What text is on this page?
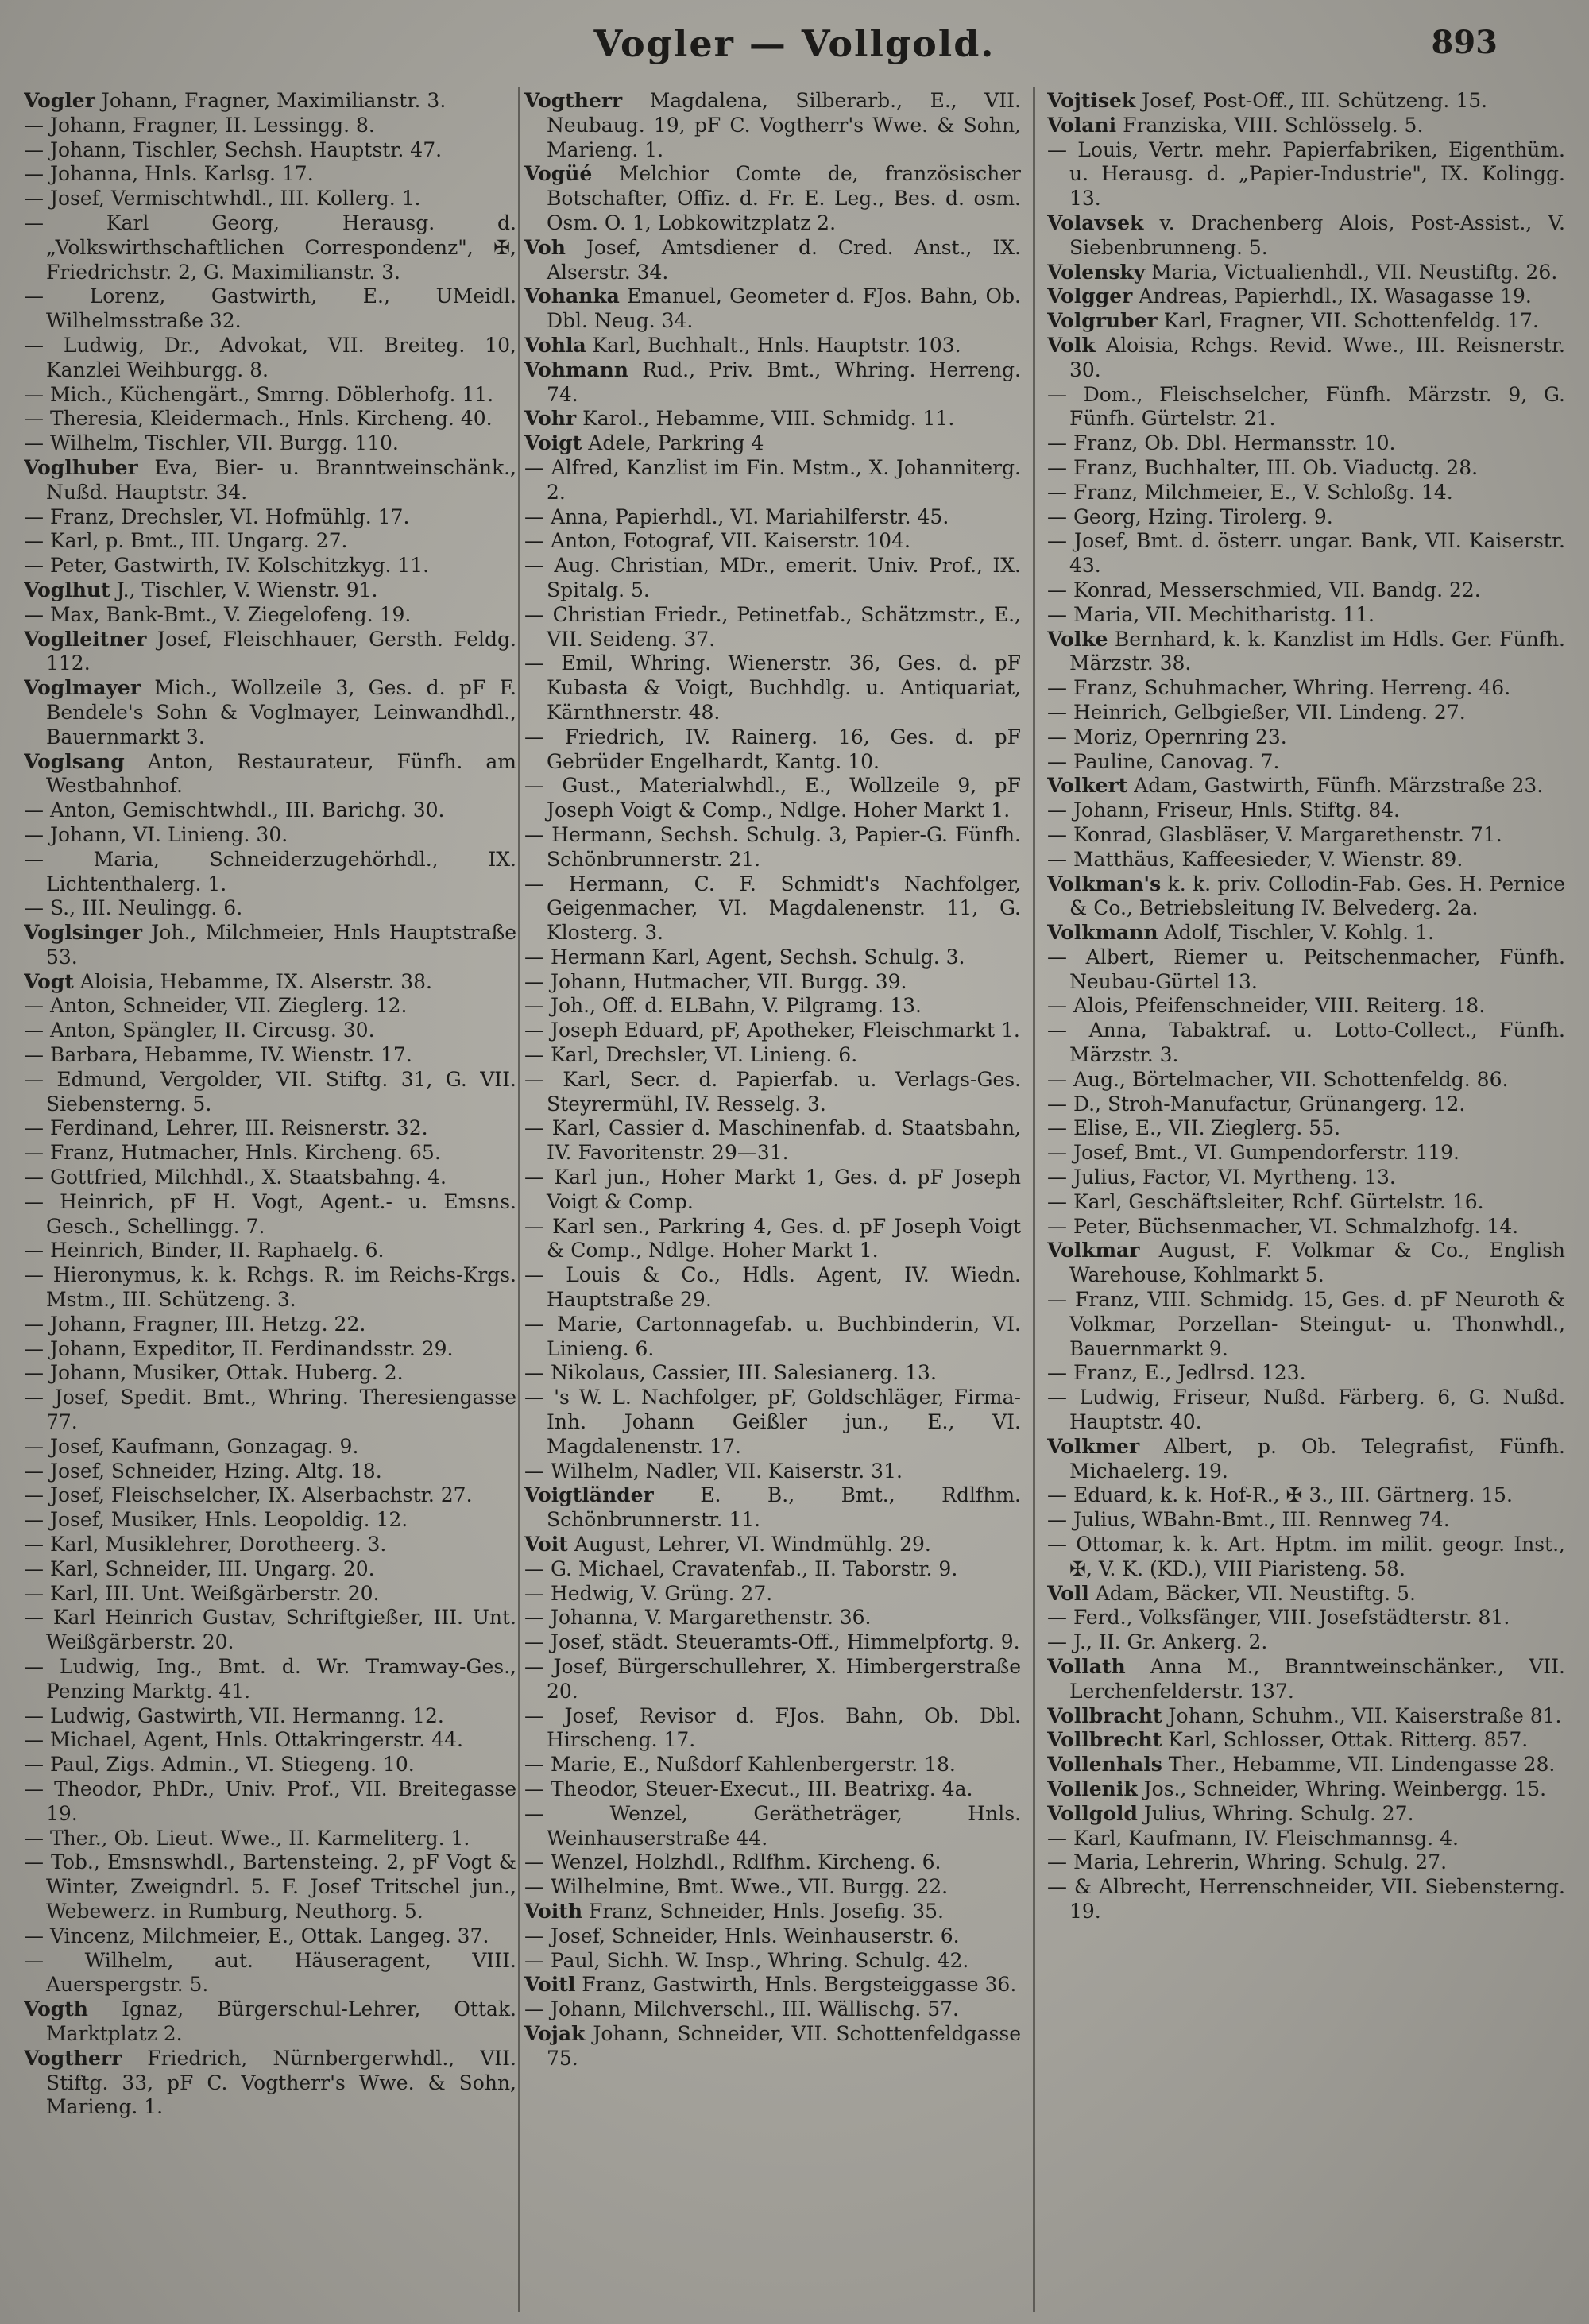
Vogler — Vollgold.	893
Vogler Johann, Fragner, Maximilianstr. 3.
— Johann, Fragner, II. Lessingg. 8.
— Johann, Tischler, Sechsh. Hauptstr. 47.
— Johanna, Hnls. Karlsg. 17.
— Josef, Vermischtwhdl., III. Kollerg. 1.
— Karl Georg, Herausg. d. „Volkswirthschaftlichen Correspondenz", ✠, Friedrichstr. 2, G. Maximilianstr. 3.
— Lorenz, Gastwirth, E., UMeidl. Wilhelmsstraße 32.
— Ludwig, Dr., Advokat, VII. Breiteg. 10, Kanzlei Weihburgg. 8.
— Mich., Küchengärt., Smrng. Döblerhofg. 11.
— Theresia, Kleidermach., Hnls. Kircheng. 40.
— Wilhelm, Tischler, VII. Burgg. 110.
Voglhuber Eva, Bier- u. Branntweinschänk., Nußd. Hauptstr. 34.
— Franz, Drechsler, VI. Hofmühlg. 17.
— Karl, p. Bmt., III. Ungarg. 27.
— Peter, Gastwirth, IV. Kolschitzkyg. 11.
Voglhut J., Tischler, V. Wienstr. 91.
— Max, Bank-Bmt., V. Ziegelofeng. 19.
Voglleitner Josef, Fleischhauer, Gersth. Feldg. 112.
Voglmayer Mich., Wollzeile 3, Ges. d. pF F. Bendele's Sohn & Voglmayer, Leinwandhdl., Bauernmarkt 3.
Voglsang Anton, Restaurateur, Fünfh. am Westbahnhof.
— Anton, Gemischtwhdl., III. Barichg. 30.
— Johann, VI. Linieng. 30.
— Maria, Schneiderzugehörhdl., IX. Lichtenthalerg. 1.
— S., III. Neulingg. 6.
Voglsinger Joh., Milchmeier, Hnls Hauptstraße 53.
Vogt Aloisia, Hebamme, IX. Alserstr. 38.
— Anton, Schneider, VII. Zieglerg. 12.
— Anton, Spängler, II. Circusg. 30.
— Barbara, Hebamme, IV. Wienstr. 17.
— Edmund, Vergolder, VII. Stiftg. 31, G. VII. Siebensterng. 5.
— Ferdinand, Lehrer, III. Reisnerstr. 32.
— Franz, Hutmacher, Hnls. Kircheng. 65.
— Gottfried, Milchhdl., X. Staatsbahng. 4.
— Heinrich, pF H. Vogt, Agent.- u. Emsns. Gesch., Schellingg. 7.
— Heinrich, Binder, II. Raphaelg. 6.
— Hieronymus, k. k. Rchgs. R. im Reichs-Krgs. Mstm., III. Schützeng. 3.
— Johann, Fragner, III. Hetzg. 22.
— Johann, Expeditor, II. Ferdinandsstr. 29.
— Johann, Musiker, Ottak. Huberg. 2.
— Josef, Spedit. Bmt., Whring. Theresiengasse 77.
— Josef, Kaufmann, Gonzagag. 9.
— Josef, Schneider, Hzing. Altg. 18.
— Josef, Fleischselcher, IX. Alserbachstr. 27.
— Josef, Musiker, Hnls. Leopoldig. 12.
— Karl, Musiklehrer, Dorotheerg. 3.
— Karl, Schneider, III. Ungarg. 20.
— Karl, III. Unt. Weißgärberstr. 20.
— Karl Heinrich Gustav, Schriftgießer, III. Unt. Weißgärberstr. 20.
— Ludwig, Ing., Bmt. d. Wr. Tramway-Ges., Penzing Marktg. 41.
— Ludwig, Gastwirth, VII. Hermanng. 12.
— Michael, Agent, Hnls. Ottakringerstr. 44.
— Paul, Zigs. Admin., VI. Stiegeng. 10.
— Theodor, PhDr., Univ. Prof., VII. Breitegasse 19.
— Ther., Ob. Lieut. Wwe., II. Karmeliterg. 1.
— Tob., Emsnswhdl., Bartensteing. 2, pF Vogt & Winter, Zweigndrl. 5. F. Josef Tritschel jun., Webewerz. in Rumburg, Neuthorg. 5.
— Vincenz, Milchmeier, E., Ottak. Langeg. 37.
— Wilhelm, aut. Häuseragent, VIII. Auerspergstr. 5.
Vogth Ignaz, Bürgerschul-Lehrer, Ottak. Marktplatz 2.
Vogtherr Friedrich, Nürnbergerwhdl., VII. Stiftg. 33, pF C. Vogtherr's Wwe. & Sohn, Marieng. 1.
Vogtherr Magdalena, Silberarb., E., VII. Neubaug. 19, pF C. Vogtherr's Wwe. & Sohn, Marieng. 1.
Vogüé Melchior Comte de, französischer Botschafter, Offiz. d. Fr. E. Leg., Bes. d. osm. Osm. O. 1, Lobkowitzplatz 2.
Voh Josef, Amtsdiener d. Cred. Anst., IX. Alserstr. 34.
Vohanka Emanuel, Geometer d. FJos. Bahn, Ob. Dbl. Neug. 34.
Vohla Karl, Buchhalt., Hnls. Hauptstr. 103.
Vohmann Rud., Priv. Bmt., Whring. Herreng. 74.
Vohr Karol., Hebamme, VIII. Schmidg. 11.
Voigt Adele, Parkring 4
— Alfred, Kanzlist im Fin. Mstm., X. Johanniterg. 2.
— Anna, Papierhdl., VI. Mariahilferstr. 45.
— Anton, Fotograf, VII. Kaiserstr. 104.
— Aug. Christian, MDr., emerit. Univ. Prof., IX. Spitalg. 5.
— Christian Friedr., Petinetfab., Schätzmstr., E., VII. Seideng. 37.
— Emil, Whring. Wienerstr. 36, Ges. d. pF Kubasta & Voigt, Buchhdlg. u. Antiquariat, Kärnthnerstr. 48.
— Friedrich, IV. Rainerg. 16, Ges. d. pF Gebrüder Engelhardt, Kantg. 10.
— Gust., Materialwhdl., E., Wollzeile 9, pF Joseph Voigt & Comp., Ndlge. Hoher Markt 1.
— Hermann, Sechsh. Schulg. 3, Papier-G. Fünfh. Schönbrunnerstr. 21.
— Hermann, C. F. Schmidt's Nachfolger, Geigenmacher, VI. Magdalenenstr. 11, G. Klosterg. 3.
— Hermann Karl, Agent, Sechsh. Schulg. 3.
— Johann, Hutmacher, VII. Burgg. 39.
— Joh., Off. d. ELBahn, V. Pilgramg. 13.
— Joseph Eduard, pF, Apotheker, Fleischmarkt 1.
— Karl, Drechsler, VI. Linieng. 6.
— Karl, Secr. d. Papierfab. u. Verlags-Ges. Steyrermühl, IV. Resselg. 3.
— Karl, Cassier d. Maschinenfab. d. Staatsbahn, IV. Favoritenstr. 29—31.
— Karl jun., Hoher Markt 1, Ges. d. pF Joseph Voigt & Comp.
— Karl sen., Parkring 4, Ges. d. pF Joseph Voigt & Comp., Ndlge. Hoher Markt 1.
— Louis & Co., Hdls. Agent, IV. Wiedn. Hauptstraße 29.
— Marie, Cartonnagefab. u. Buchbinderin, VI. Linieng. 6.
— Nikolaus, Cassier, III. Salesianerg. 13.
— 's W. L. Nachfolger, pF, Goldschläger, Firma-Inh. Johann Geißler jun., E., VI. Magdalenenstr. 17.
— Wilhelm, Nadler, VII. Kaiserstr. 31.
Voigtländer E. B., Bmt., Rdlfhm. Schönbrunnerstr. 11.
Voit August, Lehrer, VI. Windmühlg. 29.
— G. Michael, Cravatenfab., II. Taborstr. 9.
— Hedwig, V. Grüng. 27.
— Johanna, V. Margarethenstr. 36.
— Josef, städt. Steueramts-Off., Himmelpfortg. 9.
— Josef, Bürgerschullehrer, X. Himbergerstraße 20.
— Josef, Revisor d. FJos. Bahn, Ob. Dbl. Hirscheng. 17.
— Marie, E., Nußdorf Kahlenbergerstr. 18.
— Theodor, Steuer-Execut., III. Beatrixg. 4a.
— Wenzel, Gerätheträger, Hnls. Weinhauserstraße 44.
— Wenzel, Holzhdl., Rdlfhm. Kircheng. 6.
— Wilhelmine, Bmt. Wwe., VII. Burgg. 22.
Voith Franz, Schneider, Hnls. Josefig. 35.
— Josef, Schneider, Hnls. Weinhauserstr. 6.
— Paul, Sichh. W. Insp., Whring. Schulg. 42.
Voitl Franz, Gastwirth, Hnls. Bergsteiggasse 36.
— Johann, Milchverschl., III. Wällischg. 57.
Vojak Johann, Schneider, VII. Schottenfeldgasse 75.
Vojtisek Josef, Post-Off., III. Schützeng. 15.
Volani Franziska, VIII. Schlösselg. 5.
— Louis, Vertr. mehr. Papierfabriken, Eigenthüm. u. Herausg. d. „Papier-Industrie", IX. Kolingg. 13.
Volavsek v. Drachenberg Alois, Post-Assist., V. Siebenbrunneng. 5.
Volensky Maria, Victualienhdl., VII. Neustiftg. 26.
Volgger Andreas, Papierhdl., IX. Wasagasse 19.
Volgruber Karl, Fragner, VII. Schottenfeldg. 17.
Volk Aloisia, Rchgs. Revid. Wwe., III. Reisnerstr. 30.
— Dom., Fleischselcher, Fünfh. Märzstr. 9, G. Fünfh. Gürtelstr. 21.
— Franz, Ob. Dbl. Hermansstr. 10.
— Franz, Buchhalter, III. Ob. Viaductg. 28.
— Franz, Milchmeier, E., V. Schloßg. 14.
— Georg, Hzing. Tirolerg. 9.
— Josef, Bmt. d. österr. ungar. Bank, VII. Kaiserstr. 43.
— Konrad, Messerschmied, VII. Bandg. 22.
— Maria, VII. Mechitharistg. 11.
Volke Bernhard, k. k. Kanzlist im Hdls. Ger. Fünfh. Märzstr. 38.
— Franz, Schuhmacher, Whring. Herreng. 46.
— Heinrich, Gelbgießer, VII. Lindeng. 27.
— Moriz, Opernring 23.
— Pauline, Canovag. 7.
Volkert Adam, Gastwirth, Fünfh. Märzstraße 23.
— Johann, Friseur, Hnls. Stiftg. 84.
— Konrad, Glasbläser, V. Margarethenstr. 71.
— Matthäus, Kaffeesieder, V. Wienstr. 89.
Volkman's k. k. priv. Collodin-Fab. Ges. H. Pernice & Co., Betriebsleitung IV. Belvederg. 2a.
Volkmann Adolf, Tischler, V. Kohlg. 1.
— Albert, Riemer u. Peitschenmacher, Fünfh. Neubau-Gürtel 13.
— Alois, Pfeifenschneider, VIII. Reiterg. 18.
— Anna, Tabaktraf. u. Lotto-Collect., Fünfh. Märzstr. 3.
— Aug., Börtelmacher, VII. Schottenfeldg. 86.
— D., Stroh-Manufactur, Grünangerg. 12.
— Elise, E., VII. Zieglerg. 55.
— Josef, Bmt., VI. Gumpendorferstr. 119.
— Julius, Factor, VI. Myrtheng. 13.
— Karl, Geschäftsleiter, Rchf. Gürtelstr. 16.
— Peter, Büchsenmacher, VI. Schmalzhofg. 14.
Volkmar August, F. Volkmar & Co., English Warehouse, Kohlmarkt 5.
— Franz, VIII. Schmidg. 15, Ges. d. pF Neuroth & Volkmar, Porzellan- Steingut- u. Thonwhdl., Bauernmarkt 9.
— Franz, E., Jedlrsd. 123.
— Ludwig, Friseur, Nußd. Färberg. 6, G. Nußd. Hauptstr. 40.
Volkmer Albert, p. Ob. Telegrafist, Fünfh. Michaelerg. 19.
— Eduard, k. k. Hof-R., ✠ 3., III. Gärtnerg. 15.
— Julius, WBahn-Bmt., III. Rennweg 74.
— Ottomar, k. k. Art. Hptm. im milit. geogr. Inst., ✠, V. K. (KD.), VIII Piaristeng. 58.
Voll Adam, Bäcker, VII. Neustiftg. 5.
— Ferd., Volksfänger, VIII. Josefstädterstr. 81.
— J., II. Gr. Ankerg. 2.
Vollath Anna M., Branntweinschänker., VII. Lerchenfelderstr. 137.
Vollbracht Johann, Schuhm., VII. Kaiserstraße 81.
Vollbrecht Karl, Schlosser, Ottak. Ritterg. 857.
Vollenhals Ther., Hebamme, VII. Lindengasse 28.
Vollenik Jos., Schneider, Whring. Weinbergg. 15.
Vollgold Julius, Whring. Schulg. 27.
— Karl, Kaufmann, IV. Fleischmannsg. 4.
— Maria, Lehrerin, Whring. Schulg. 27.
— & Albrecht, Herrenschneider, VII. Siebensterng. 19.
